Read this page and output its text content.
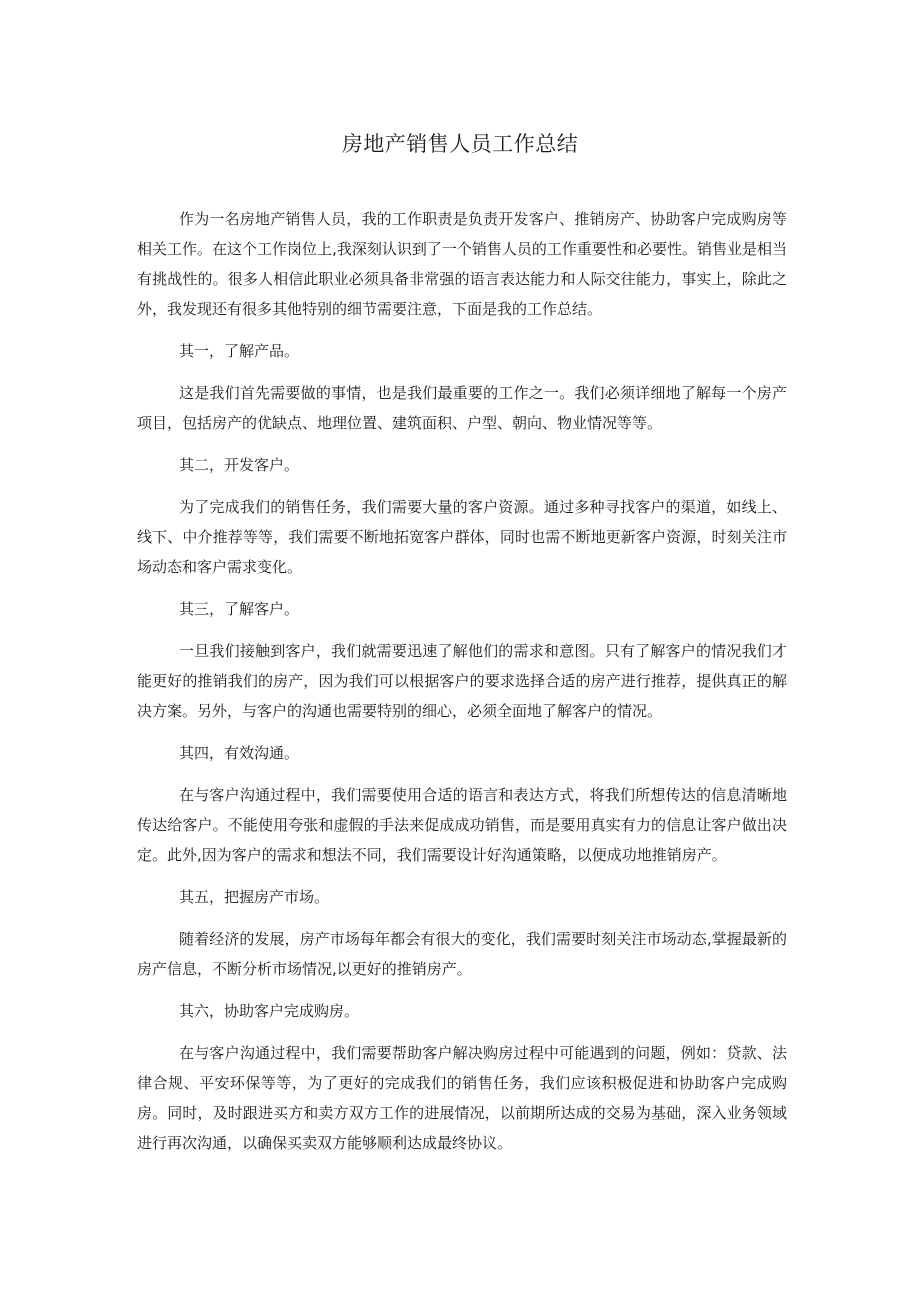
房地产销售人员工作总结

作为一名房地产销售人员，我的工作职责是负责开发客户、推销房产、协助客户完成购房等相关工作。在这个工作岗位上,我深刻认识到了一个销售人员的工作重要性和必要性。销售业是相当有挑战性的。很多人相信此职业必须具备非常强的语言表达能力和人际交往能力，事实上，除此之外，我发现还有很多其他特别的细节需要注意，下面是我的工作总结。

其一，了解产品。

这是我们首先需要做的事情，也是我们最重要的工作之一。我们必须详细地了解每一个房产项目，包括房产的优缺点、地理位置、建筑面积、户型、朝向、物业情况等等。

其二，开发客户。

为了完成我们的销售任务，我们需要大量的客户资源。通过多种寻找客户的渠道，如线上、线下、中介推荐等等，我们需要不断地拓宽客户群体，同时也需不断地更新客户资源，时刻关注市场动态和客户需求变化。

其三，了解客户。

一旦我们接触到客户，我们就需要迅速了解他们的需求和意图。只有了解客户的情况我们才能更好的推销我们的房产，因为我们可以根据客户的要求选择合适的房产进行推荐，提供真正的解决方案。另外，与客户的沟通也需要特别的细心，必须全面地了解客户的情况。

其四，有效沟通。

在与客户沟通过程中，我们需要使用合适的语言和表达方式，将我们所想传达的信息清晰地传达给客户。不能使用夸张和虚假的手法来促成成功销售，而是要用真实有力的信息让客户做出决定。此外,因为客户的需求和想法不同，我们需要设计好沟通策略，以便成功地推销房产。

其五，把握房产市场。

随着经济的发展，房产市场每年都会有很大的变化，我们需要时刻关注市场动态,掌握最新的房产信息，不断分析市场情况,以更好的推销房产。

其六，协助客户完成购房。

在与客户沟通过程中，我们需要帮助客户解决购房过程中可能遇到的问题，例如：贷款、法律合规、平安环保等等，为了更好的完成我们的销售任务，我们应该积极促进和协助客户完成购房。同时，及时跟进买方和卖方双方工作的进展情况，以前期所达成的交易为基础，深入业务领域进行再次沟通，以确保买卖双方能够顺利达成最终协议。
